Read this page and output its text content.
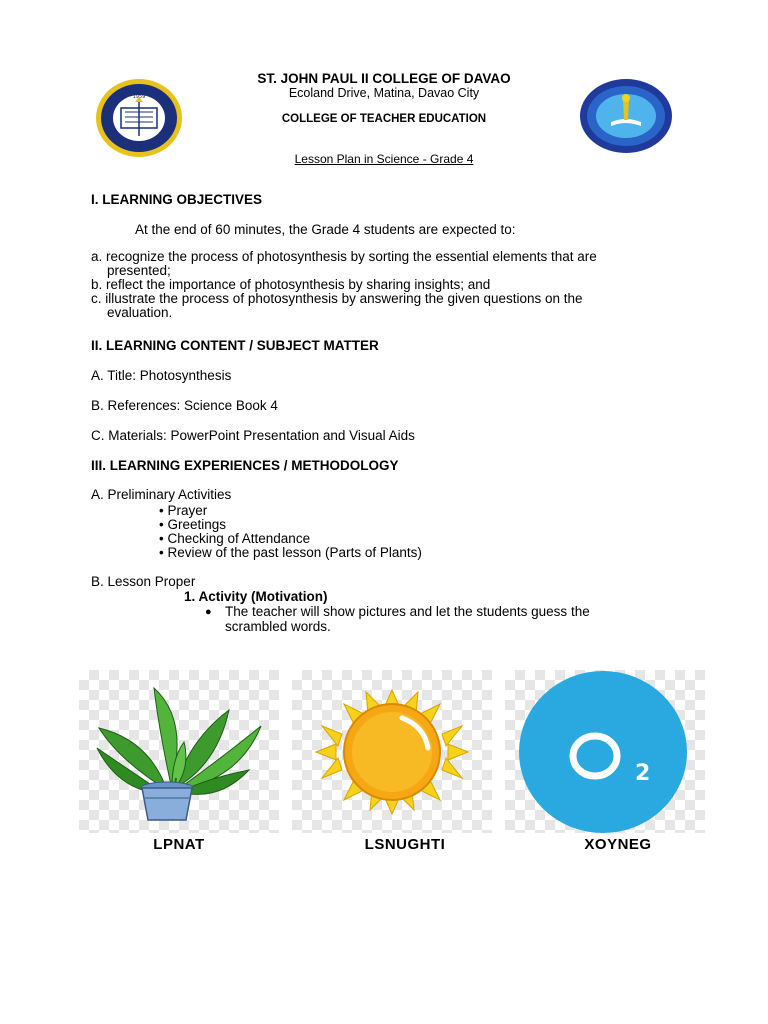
1959
ST. JOHN PAUL II COLLEGE OF DAVAO
Ecoland Drive, Matina, Davao City
COLLEGE OF TEACHER EDUCATION
Lesson Plan in Science - Grade 4
I. LEARNING OBJECTIVES
At the end of 60 minutes, the Grade 4 students are expected to:
a. recognize the process of photosynthesis by sorting the essential elements that are
presented;
b. reflect the importance of photosynthesis by sharing insights; and
c. illustrate the process of photosynthesis by answering the given questions on the
evaluation.
II. LEARNING CONTENT / SUBJECT MATTER
A. Title: Photosynthesis
B. References: Science Book 4
C. Materials: PowerPoint Presentation and Visual Aids
III. LEARNING EXPERIENCES / METHODOLOGY
A. Preliminary Activities
• Prayer
• Greetings
• Checking of Attendance
• Review of the past lesson (Parts of Plants)
B. Lesson Proper
1. Activity (Motivation)
● The teacher will show pictures and let the students guess the
scrambled words.
2
LPNAT	LSNUGHTI	XOYNEG
